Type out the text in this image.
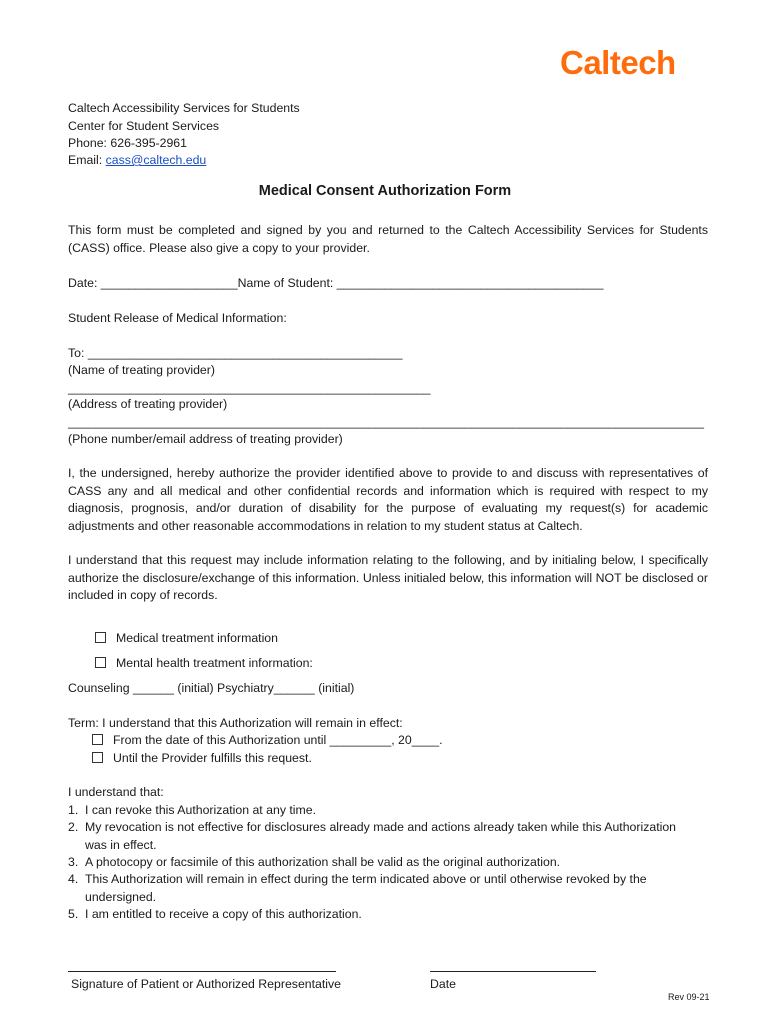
Caltech
Caltech Accessibility Services for Students
Center for Student Services
Phone: 626-395-2961
Email: cass@caltech.edu
Medical Consent Authorization Form
This form must be completed and signed by you and returned to the Caltech Accessibility Services for Students (CASS) office. Please also give a copy to your provider.
Date: ____________________Name of Student: _______________________________________
Student Release of Medical Information:
To: ______________________________________________
(Name of treating provider)
_____________________________________________________
(Address of treating provider)
_____________________________________________________________________________________________
(Phone number/email address of treating provider)
I, the undersigned, hereby authorize the provider identified above to provide to and discuss with representatives of CASS any and all medical and other confidential records and information which is required with respect to my diagnosis, prognosis, and/or duration of disability for the purpose of evaluating my request(s) for academic adjustments and other reasonable accommodations in relation to my student status at Caltech.
I understand that this request may include information relating to the following, and by initialing below, I specifically authorize the disclosure/exchange of this information. Unless initialed below, this information will NOT be disclosed or included in copy of records.
Medical treatment information
Mental health treatment information:
Counseling ______ (initial) Psychiatry______ (initial)
Term: I understand that this Authorization will remain in effect:
From the date of this Authorization until _________, 20____.
Until the Provider fulfills this request.
I understand that:
1. I can revoke this Authorization at any time.
2. My revocation is not effective for disclosures already made and actions already taken while this Authorization
was in effect.
3. A photocopy or facsimile of this authorization shall be valid as the original authorization.
4. This Authorization will remain in effect during the term indicated above or until otherwise revoked by the
undersigned.
5. I am entitled to receive a copy of this authorization.
Signature of Patient or Authorized Representative	Date
Rev 09-21
